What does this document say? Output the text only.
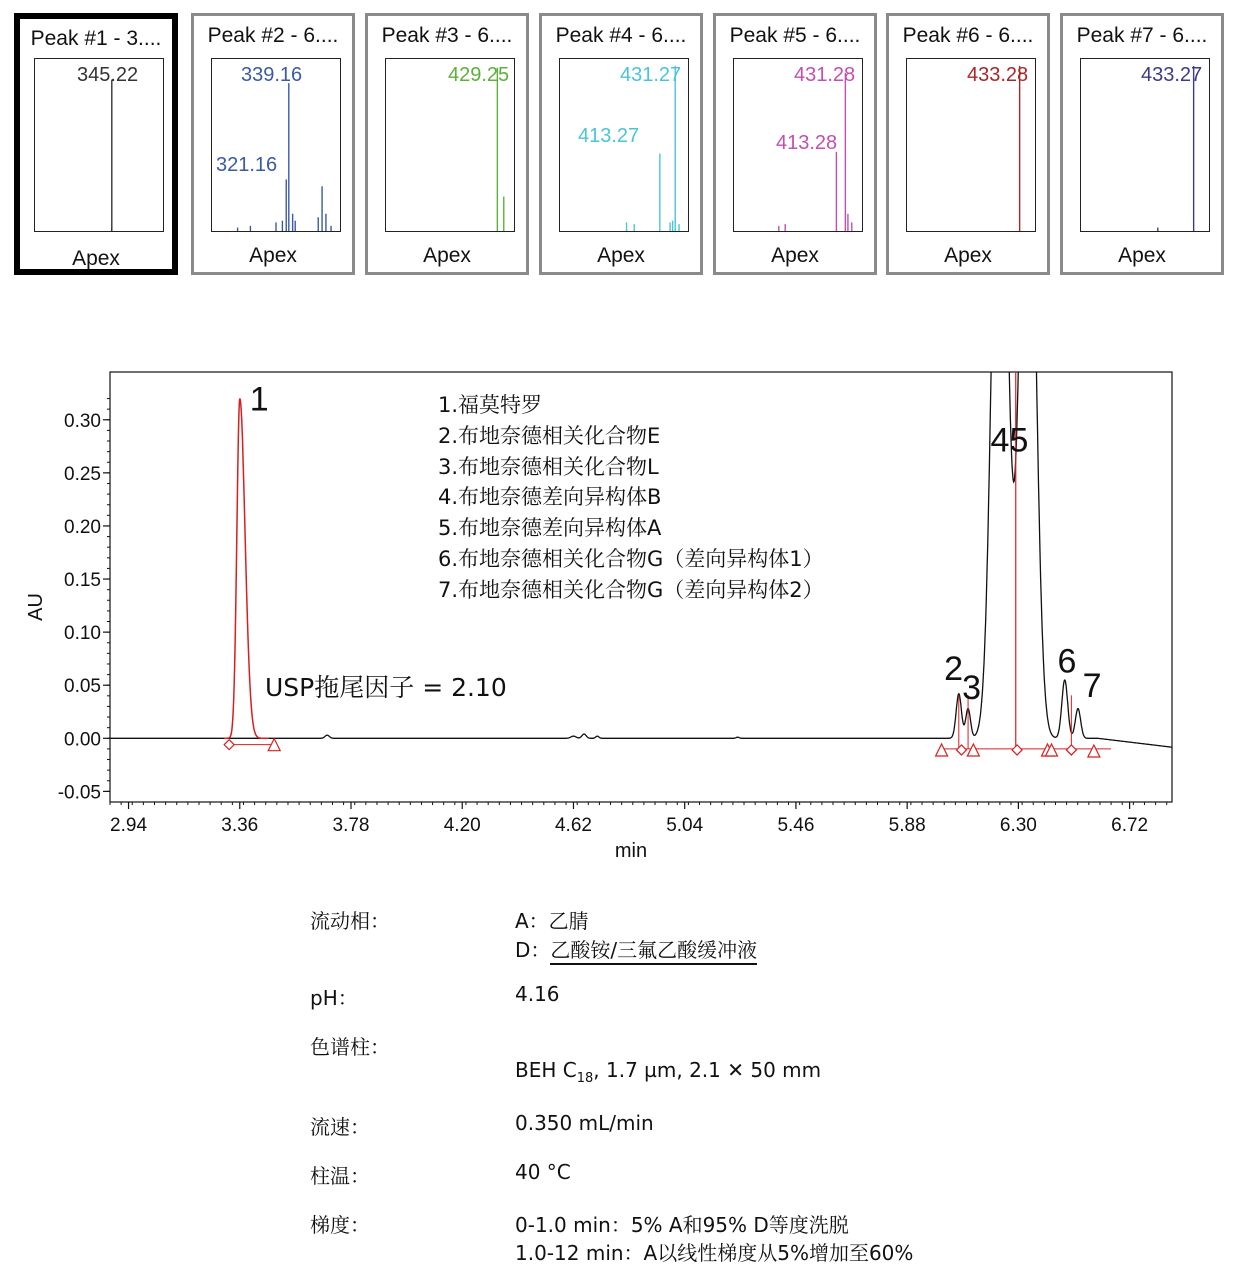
Peak #1 - 3....
345.22
Apex
Peak #2 - 6....
339.16
321.16
Apex
Peak #3 - 6....
429.25
Apex
Peak #4 - 6....
431.27
413.27
Apex
Peak #5 - 6....
431.28
413.28
Apex
Peak #6 - 6....
433.28
Apex
Peak #7 - 6....
433.27
Apex
0.30
0.25
0.20
0.15
0.10
0.05
0.00
-0.05
2.94	3.36	3.78	4.20	4.62	5.04	5.46	5.88	6.30	6.72
min
AU
1
2 3
6
7
45
1.福莫特罗
2.布地奈德相关化合物E
3.布地奈德相关化合物L
4.布地奈德差向异构体B
5.布地奈德差向异构体A
6.布地奈德相关化合物G（差向异构体1）
7.布地奈德相关化合物G（差向异构体2）
USP拖尾因子 = 2.10
流动相：	A：乙腈
D：乙酸铵/三氟乙酸缓冲液
pH：	4.16
色谱柱：
BEH $C_{18}$, 1.7 µm, 2.1 ✕ 50 mm
流速：	0.350 mL/min
柱温：	40 °C
梯度：	0-1.0 min：5% A和95% D等度洗脱
1.0-12 min：A以线性梯度从5%增加至60%
